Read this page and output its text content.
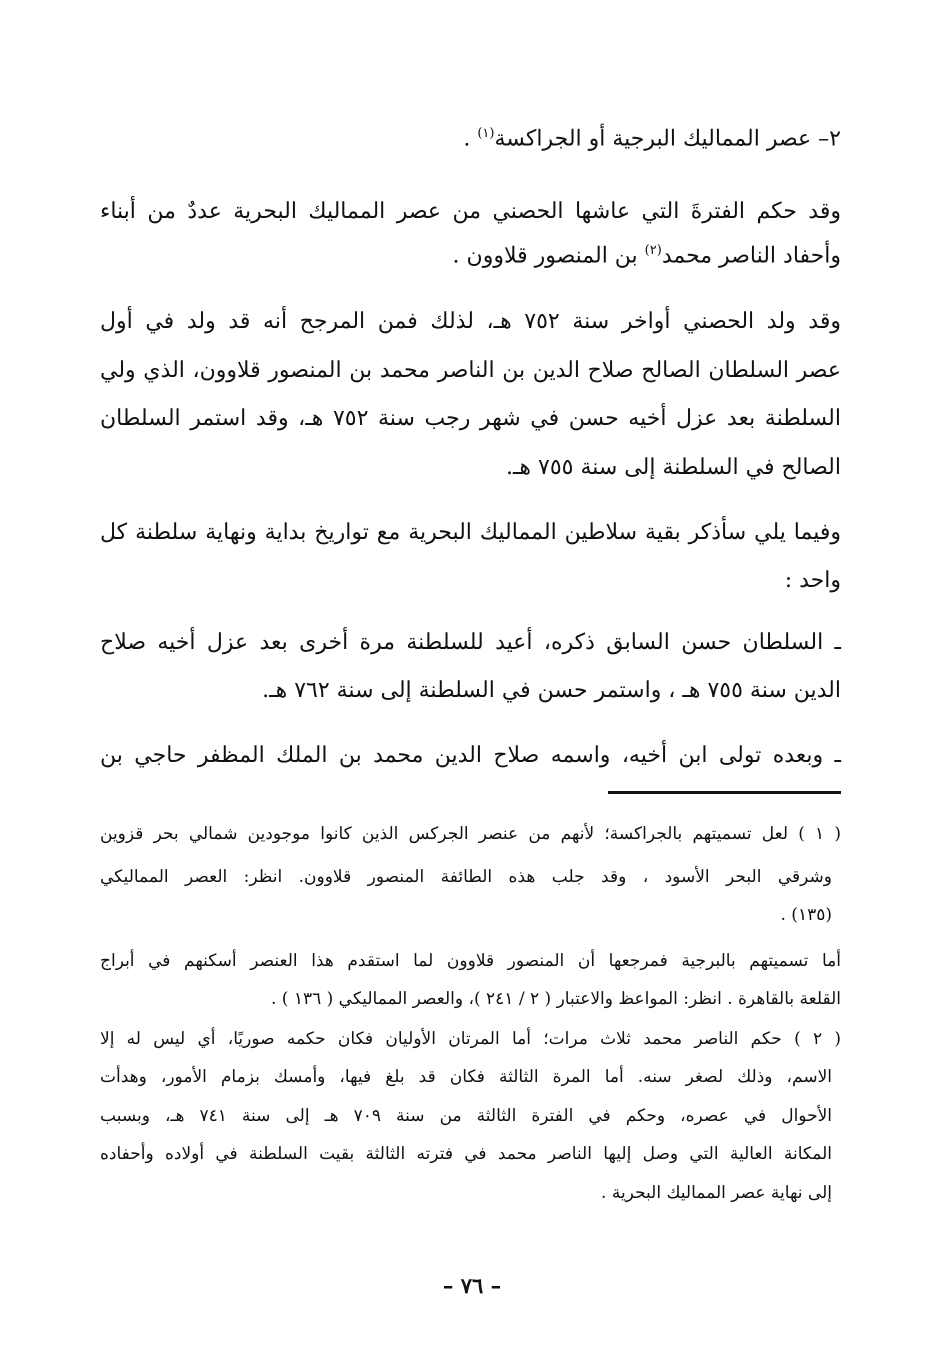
٢– عصر المماليك البرجية أو الجراكسة$^{(١)}$ .
وقد حكم الفترةَ التي عاشها الحصني من عصر المماليك البحرية عددٌ من أبناء
وأحفاد الناصر محمد$^{(٢)}$ بن المنصور قلاوون .
وقد ولد الحصني أواخر سنة ٧٥٢ هـ، لذلك فمن المرجح أنه قد ولد في أول
عصر السلطان الصالح صلاح الدين بن الناصر محمد بن المنصور قلاوون، الذي ولي
السلطنة بعد عزل أخيه حسن في شهر رجب سنة ٧٥٢ هـ، وقد استمر السلطان
الصالح في السلطنة إلى سنة ٧٥٥ هـ.
وفيما يلي سأذكر بقية سلاطين المماليك البحرية مع تواريخ بداية ونهاية سلطنة كل
واحد :
ـ السلطان حسن السابق ذكره، أعيد للسلطنة مرة أخرى بعد عزل أخيه صلاح
الدين سنة ٧٥٥ هـ ، واستمر حسن في السلطنة إلى سنة ٧٦٢ هـ.
ـ وبعده تولى ابن أخيه، واسمه صلاح الدين محمد بن الملك المظفر حاجي بن
( ١ ) لعل تسميتهم بالجراكسة؛ لأنهم من عنصر الجركس الذين كانوا موجودين شمالي بحر قزوين
وشرقي البحر الأسود ، وقد جلب هذه الطائفة المنصور قلاوون. انظر: العصر المماليكي
(١٣٥) .
أما تسميتهم بالبرجية فمرجعها أن المنصور قلاوون لما استقدم هذا العنصر أسكنهم في أبراج
القلعة بالقاهرة . انظر: المواعظ والاعتبار ( ٢ / ٢٤١ )، والعصر المماليكي ( ١٣٦ ) .
( ٢ ) حكم الناصر محمد ثلاث مرات؛ أما المرتان الأوليان فكان حكمه صوريًا، أي ليس له إلا
الاسم، وذلك لصغر سنه. أما المرة الثالثة فكان قد بلغ فيها، وأمسك بزمام الأمور، وهدأت
الأحوال في عصره، وحكم في الفترة الثالثة من سنة ٧٠٩ هـ إلى سنة ٧٤١ هـ، وبسبب
المكانة العالية التي وصل إليها الناصر محمد في فترته الثالثة بقيت السلطنة في أولاده وأحفاده
إلى نهاية عصر المماليك البحرية .
– ٧٦ –
